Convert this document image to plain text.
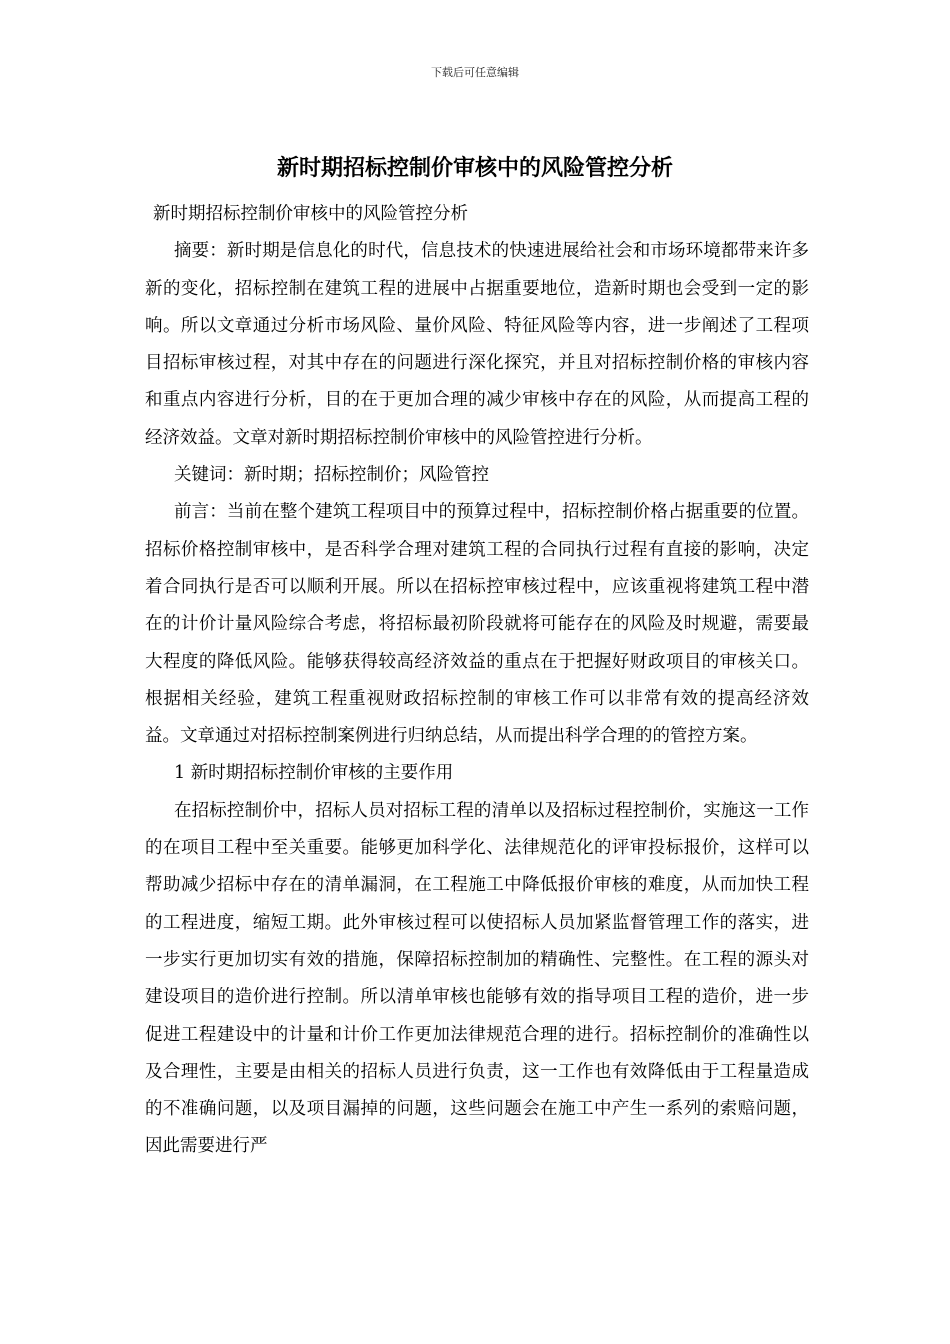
下载后可任意编辑
新时期招标控制价审核中的风险管控分析

新时期招标控制价审核中的风险管控分析

摘要：新时期是信息化的时代，信息技术的快速进展给社会和市场环境都带来许多新的变化，招标控制在建筑工程的进展中占据重要地位，造新时期也会受到一定的影响。所以文章通过分析市场风险、量价风险、特征风险等内容，进一步阐述了工程项目招标审核过程，对其中存在的问题进行深化探究，并且对招标控制价格的审核内容和重点内容进行分析，目的在于更加合理的减少审核中存在的风险，从而提高工程的经济效益。文章对新时期招标控制价审核中的风险管控进行分析。

关键词：新时期；招标控制价；风险管控

前言：当前在整个建筑工程项目中的预算过程中，招标控制价格占据重要的位置。招标价格控制审核中，是否科学合理对建筑工程的合同执行过程有直接的影响，决定着合同执行是否可以顺利开展。所以在招标控审核过程中，应该重视将建筑工程中潜在的计价计量风险综合考虑，将招标最初阶段就将可能存在的风险及时规避，需要最大程度的降低风险。能够获得较高经济效益的重点在于把握好财政项目的审核关口。根据相关经验，建筑工程重视财政招标控制的审核工作可以非常有效的提高经济效益。文章通过对招标控制案例进行归纳总结，从而提出科学合理的的管控方案。

1 新时期招标控制价审核的主要作用

在招标控制价中，招标人员对招标工程的清单以及招标过程控制价，实施这一工作的在项目工程中至关重要。能够更加科学化、法律规范化的评审投标报价，这样可以帮助减少招标中存在的清单漏洞，在工程施工中降低报价审核的难度，从而加快工程的工程进度，缩短工期。此外审核过程可以使招标人员加紧监督管理工作的落实，进一步实行更加切实有效的措施，保障招标控制加的精确性、完整性。在工程的源头对建设项目的造价进行控制。所以清单审核也能够有效的指导项目工程的造价，进一步促进工程建设中的计量和计价工作更加法律规范合理的进行。招标控制价的准确性以及合理性，主要是由相关的招标人员进行负责，这一工作也有效降低由于工程量造成的不准确问题，以及项目漏掉的问题，这些问题会在施工中产生一系列的索赔问题，因此需要进行严
